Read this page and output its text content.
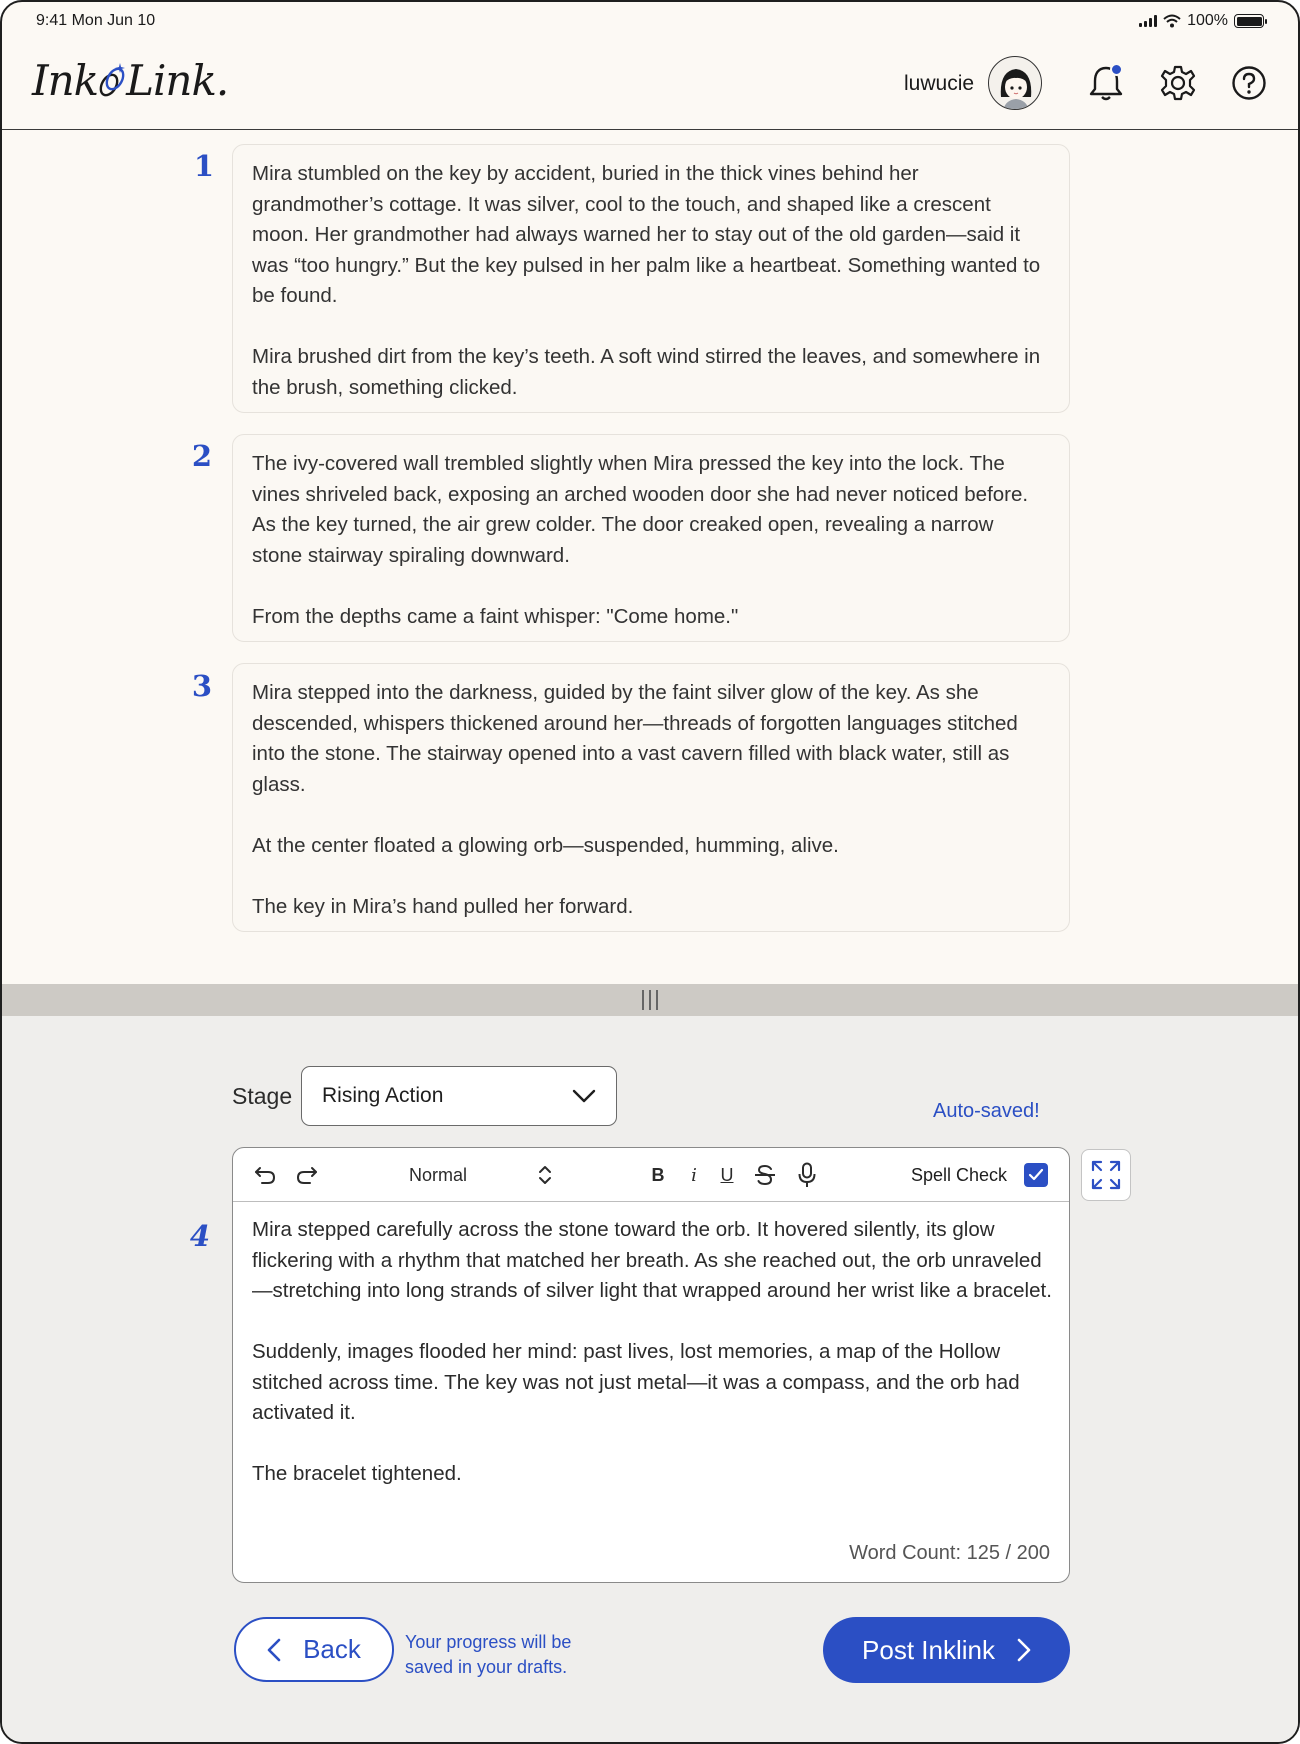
9:41 Mon Jun 10	100%
Ink Link.	luwucie
1	Mira stumbled on the key by accident, buried in the thick vines behind her grandmother’s cottage. It was silver, cool to the touch, and shaped like a crescent moon. Her grandmother had always warned her to stay out of the old garden—said it was “too hungry.” But the key pulsed in her palm like a heartbeat. Something wanted to be found.

Mira brushed dirt from the key’s teeth. A soft wind stirred the leaves, and somewhere in the brush, something clicked.

2	The ivy-covered wall trembled slightly when Mira pressed the key into the lock. The vines shriveled back, exposing an arched wooden door she had never noticed before. As the key turned, the air grew colder. The door creaked open, revealing a narrow stone stairway spiraling downward.

From the depths came a faint whisper: "Come home."

3	Mira stepped into the darkness, guided by the faint silver glow of the key. As she descended, whispers thickened around her—threads of forgotten languages stitched into the stone. The stairway opened into a vast cavern filled with black water, still as glass.

At the center floated a glowing orb—suspended, humming, alive.

The key in Mira’s hand pulled her forward.

Stage Rising Action
Auto-saved!
4
Normal	B	i	U	Spell Check

Mira stepped carefully across the stone toward the orb. It hovered silently, its glow flickering with a rhythm that matched her breath. As she reached out, the orb unraveled—stretching into long strands of silver light that wrapped around her wrist like a bracelet.

Suddenly, images flooded her mind: past lives, lost memories, a map of the Hollow stitched across time. The key was not just metal—it was a compass, and the orb had activated it.

The bracelet tightened.

Word Count: 125 / 200
Back Your progress will be saved in your drafts.
Post Inklink
